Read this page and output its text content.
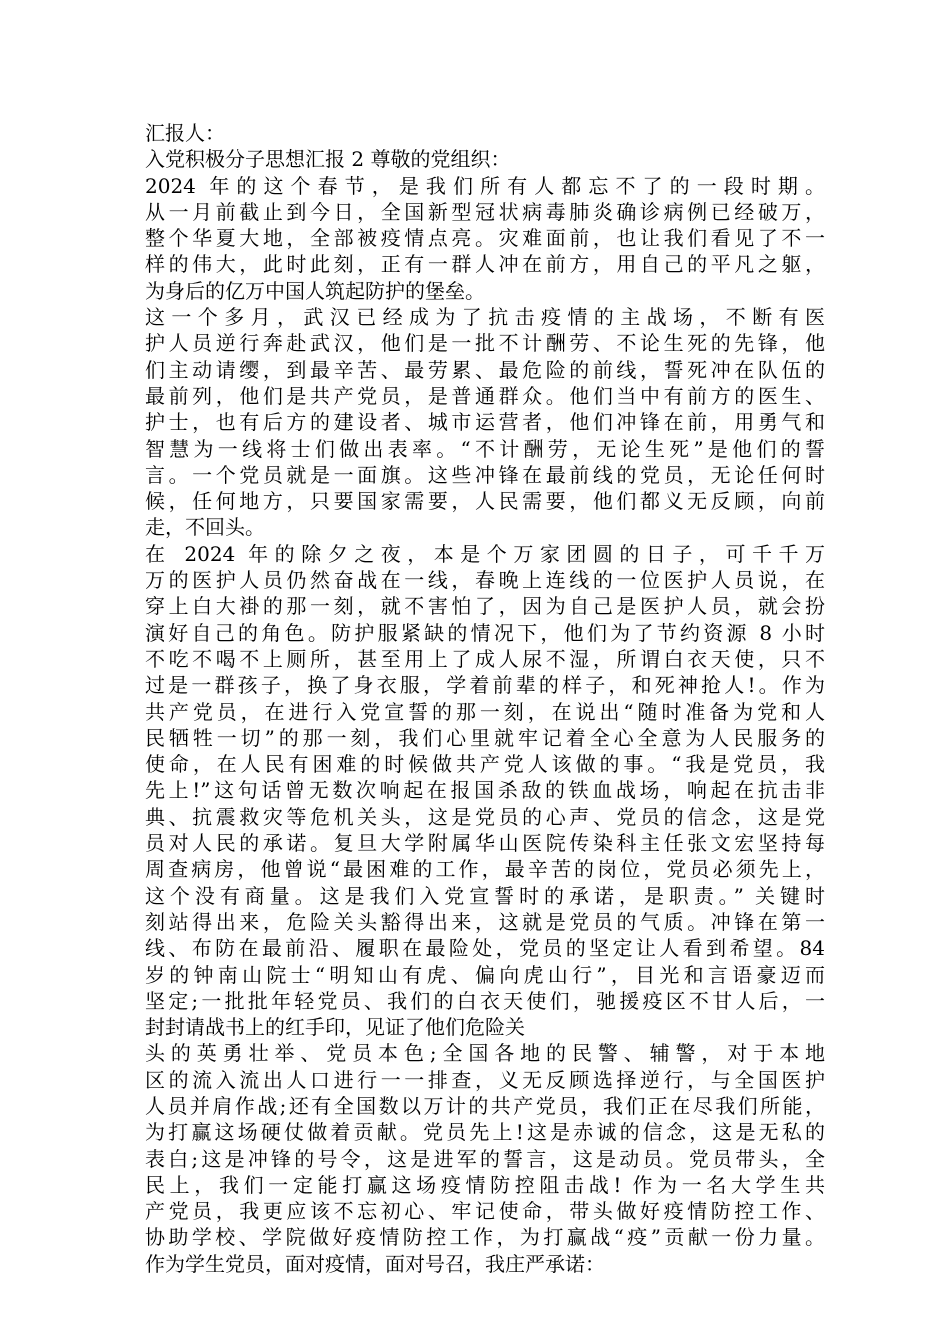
汇报人：
入党积极分子思想汇报 2 尊敬的党组织：
2024 年的这个春节，是我们所有人都忘不了的一段时期。
从一月前截止到今日，全国新型冠状病毒肺炎确诊病例已经破万，
整个华夏大地，全部被疫情点亮。灾难面前，也让我们看见了不一
样的伟大，此时此刻，正有一群人冲在前方，用自己的平凡之躯，
为身后的亿万中国人筑起防护的堡垒。
这一个多月，武汉已经成为了抗击疫情的主战场，不断有医
护人员逆行奔赴武汉，他们是一批不计酬劳、不论生死的先锋，他
们主动请缨，到最辛苦、最劳累、最危险的前线，誓死冲在队伍的
最前列，他们是共产党员，是普通群众。他们当中有前方的医生、
护士，也有后方的建设者、城市运营者，他们冲锋在前，用勇气和
智慧为一线将士们做出表率。“不计酬劳，无论生死”是他们的誓
言。一个党员就是一面旗。这些冲锋在最前线的党员，无论任何时
候，任何地方，只要国家需要，人民需要，他们都义无反顾，向前
走，不回头。
在 2024 年的除夕之夜，本是个万家团圆的日子，可千千万
万的医护人员仍然奋战在一线，春晚上连线的一位医护人员说，在
穿上白大褂的那一刻，就不害怕了，因为自己是医护人员，就会扮
演好自己的角色。防护服紧缺的情况下，他们为了节约资源 8 小时
不吃不喝不上厕所，甚至用上了成人尿不湿，所谓白衣天使，只不
过是一群孩子，换了身衣服，学着前辈的样子，和死神抢人!。作为
共产党员，在进行入党宣誓的那一刻，在说出“随时准备为党和人
民牺牲一切”的那一刻，我们心里就牢记着全心全意为人民服务的
使命，在人民有困难的时候做共产党人该做的事。“我是党员，我
先上!”这句话曾无数次响起在报国杀敌的铁血战场，响起在抗击非
典、抗震救灾等危机关头，这是党员的心声、党员的信念，这是党
员对人民的承诺。复旦大学附属华山医院传染科主任张文宏坚持每
周查病房，他曾说“最困难的工作，最辛苦的岗位，党员必须先上，
这个没有商量。这是我们入党宣誓时的承诺，是职责。” 关键时
刻站得出来，危险关头豁得出来，这就是党员的气质。冲锋在第一
线、布防在最前沿、履职在最险处，党员的坚定让人看到希望。84
岁的钟南山院士“明知山有虎、偏向虎山行”，目光和言语豪迈而
坚定;一批批年轻党员、我们的白衣天使们，驰援疫区不甘人后，一
封封请战书上的红手印，见证了他们危险关
头的英勇壮举、党员本色;全国各地的民警、辅警，对于本地
区的流入流出人口进行一一排查，义无反顾选择逆行，与全国医护
人员并肩作战;还有全国数以万计的共产党员，我们正在尽我们所能，
为打赢这场硬仗做着贡献。党员先上!这是赤诚的信念，这是无私的
表白;这是冲锋的号令，这是进军的誓言，这是动员。党员带头，全
民上，我们一定能打赢这场疫情防控阻击战! 作为一名大学生共
产党员，我更应该不忘初心、牢记使命，带头做好疫情防控工作、
协助学校、学院做好疫情防控工作，为打赢战“疫”贡献一份力量。
作为学生党员，面对疫情，面对号召，我庄严承诺：
